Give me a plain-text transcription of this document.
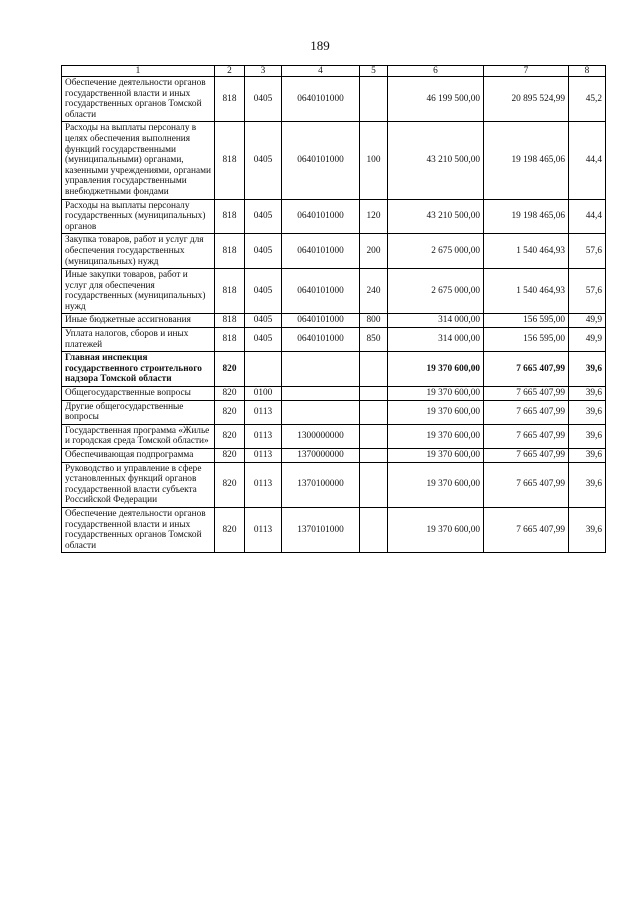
189
1	2	3	4	5	6	7	8
Обеспечение деятельности органов государственной власти и иных государственных органов Томской области	818	0405	0640101000		46 199 500,00	20 895 524,99	45,2
Расходы на выплаты персоналу в целях обеспечения выполнения функций государственными (муниципальными) органами, казенными учреждениями, органами управления государственными внебюджетными фондами	818	0405	0640101000	100	43 210 500,00	19 198 465,06	44,4
Расходы на выплаты персоналу государственных (муниципальных) органов	818	0405	0640101000	120	43 210 500,00	19 198 465,06	44,4
Закупка товаров, работ и услуг для обеспечения государственных (муниципальных) нужд	818	0405	0640101000	200	2 675 000,00	1 540 464,93	57,6
Иные закупки товаров, работ и услуг для обеспечения государственных (муниципальных) нужд	818	0405	0640101000	240	2 675 000,00	1 540 464,93	57,6
Иные бюджетные ассигнования	818	0405	0640101000	800	314 000,00	156 595,00	49,9
Уплата налогов, сборов и иных платежей	818	0405	0640101000	850	314 000,00	156 595,00	49,9
Главная инспекция государственного строительного надзора Томской области	820				19 370 600,00	7 665 407,99	39,6
Общегосударственные вопросы	820	0100			19 370 600,00	7 665 407,99	39,6
Другие общегосударственные вопросы	820	0113			19 370 600,00	7 665 407,99	39,6
Государственная программа «Жилье и городская среда Томской области»	820	0113	1300000000		19 370 600,00	7 665 407,99	39,6
Обеспечивающая подпрограмма	820	0113	1370000000		19 370 600,00	7 665 407,99	39,6
Руководство и управление в сфере установленных функций органов государственной власти субъекта Российской Федерации	820	0113	1370100000		19 370 600,00	7 665 407,99	39,6
Обеспечение деятельности органов государственной власти и иных государственных органов Томской области	820	0113	1370101000		19 370 600,00	7 665 407,99	39,6
